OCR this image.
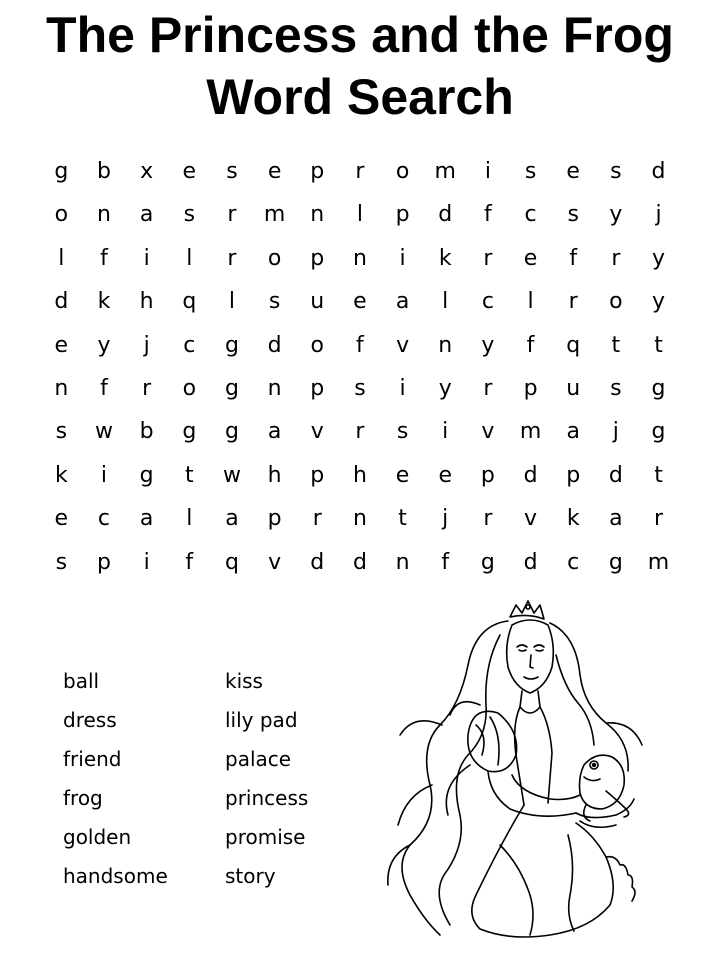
The Princess and the Frog
Word Search
g	b	x	e	s	e	p	r	o	m	i	s	e	s	d
o	n	a	s	r	m	n	l	p	d	f	c	s	y	j
l	f	i	l	r	o	p	n	i	k	r	e	f	r	y
d	k	h	q	l	s	u	e	a	l	c	l	r	o	y
e	y	j	c	g	d	o	f	v	n	y	f	q	t	t
n	f	r	o	g	n	p	s	i	y	r	p	u	s	g
s	w	b	g	g	a	v	r	s	i	v	m	a	j	g
k	i	g	t	w	h	p	h	e	e	p	d	p	d	t
e	c	a	l	a	p	r	n	t	j	r	v	k	a	r
s	p	i	f	q	v	d	d	n	f	g	d	c	g	m
ball
dress
friend
frog
golden
handsome
kiss
lily pad
palace
princess
promise
story
